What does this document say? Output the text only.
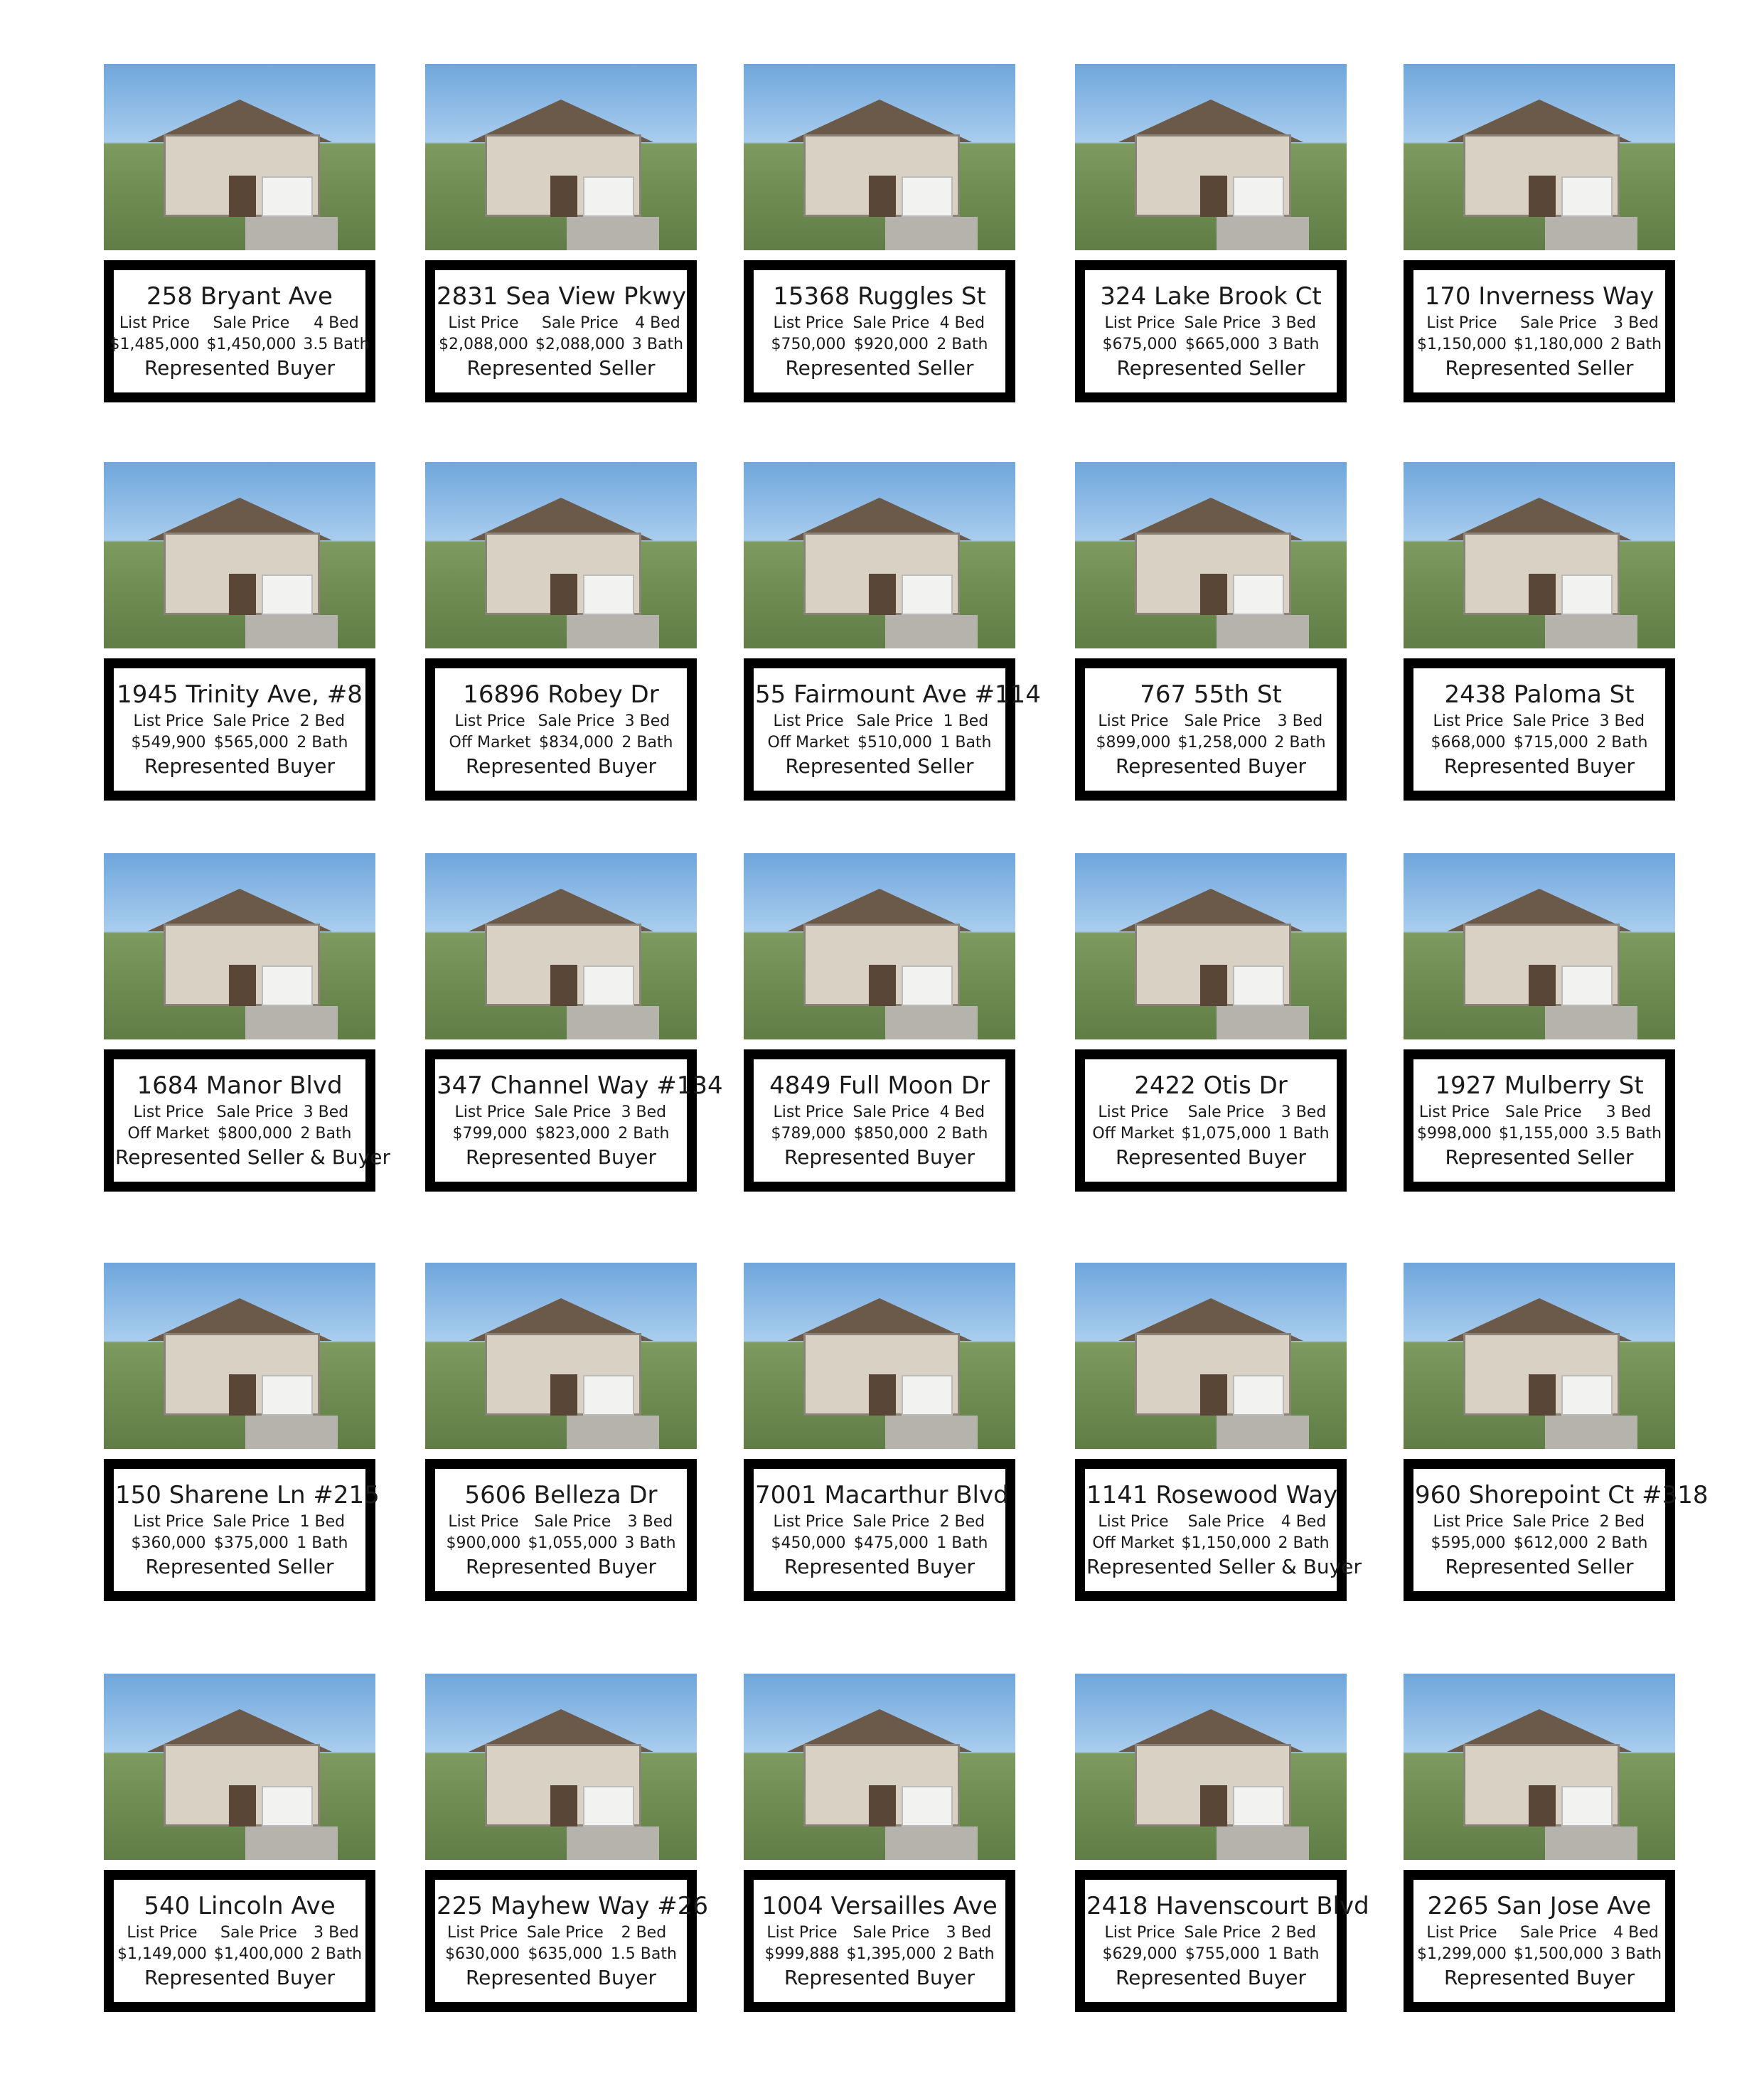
258 Bryant Ave
List Price
$1,485,000
Sale Price
$1,450,000
4 Bed
3.5 Bath
Represented Buyer
2831 Sea View Pkwy
List Price
$2,088,000
Sale Price
$2,088,000
4 Bed
3 Bath
Represented Seller
15368 Ruggles St
List Price
$750,000
Sale Price
$920,000
4 Bed
2 Bath
Represented Seller
324 Lake Brook Ct
List Price
$675,000
Sale Price
$665,000
3 Bed
3 Bath
Represented Seller
170 Inverness Way
List Price
$1,150,000
Sale Price
$1,180,000
3 Bed
2 Bath
Represented Seller
1945 Trinity Ave, #8
List Price
$549,900
Sale Price
$565,000
2 Bed
2 Bath
Represented Buyer
16896 Robey Dr
List Price
Off Market
Sale Price
$834,000
3 Bed
2 Bath
Represented Buyer
55 Fairmount Ave #114
List Price
Off Market
Sale Price
$510,000
1 Bed
1 Bath
Represented Seller
767 55th St
List Price
$899,000
Sale Price
$1,258,000
3 Bed
2 Bath
Represented Buyer
2438 Paloma St
List Price
$668,000
Sale Price
$715,000
3 Bed
2 Bath
Represented Buyer
1684 Manor Blvd
List Price
Off Market
Sale Price
$800,000
3 Bed
2 Bath
Represented Seller & Buyer
347 Channel Way #134
List Price
$799,000
Sale Price
$823,000
3 Bed
2 Bath
Represented Buyer
4849 Full Moon Dr
List Price
$789,000
Sale Price
$850,000
4 Bed
2 Bath
Represented Buyer
2422 Otis Dr
List Price
Off Market
Sale Price
$1,075,000
3 Bed
1 Bath
Represented Buyer
1927 Mulberry St
List Price
$998,000
Sale Price
$1,155,000
3 Bed
3.5 Bath
Represented Seller
150 Sharene Ln #215
List Price
$360,000
Sale Price
$375,000
1 Bed
1 Bath
Represented Seller
5606 Belleza Dr
List Price
$900,000
Sale Price
$1,055,000
3 Bed
3 Bath
Represented Buyer
7001 Macarthur Blvd
List Price
$450,000
Sale Price
$475,000
2 Bed
1 Bath
Represented Buyer
1141 Rosewood Way
List Price
Off Market
Sale Price
$1,150,000
4 Bed
2 Bath
Represented Seller & Buyer
960 Shorepoint Ct #318
List Price
$595,000
Sale Price
$612,000
2 Bed
2 Bath
Represented Seller
540 Lincoln Ave
List Price
$1,149,000
Sale Price
$1,400,000
3 Bed
2 Bath
Represented Buyer
225 Mayhew Way #26
List Price
$630,000
Sale Price
$635,000
2 Bed
1.5 Bath
Represented Buyer
1004 Versailles Ave
List Price
$999,888
Sale Price
$1,395,000
3 Bed
2 Bath
Represented Buyer
2418 Havenscourt Blvd
List Price
$629,000
Sale Price
$755,000
2 Bed
1 Bath
Represented Buyer
2265 San Jose Ave
List Price
$1,299,000
Sale Price
$1,500,000
4 Bed
3 Bath
Represented Buyer
